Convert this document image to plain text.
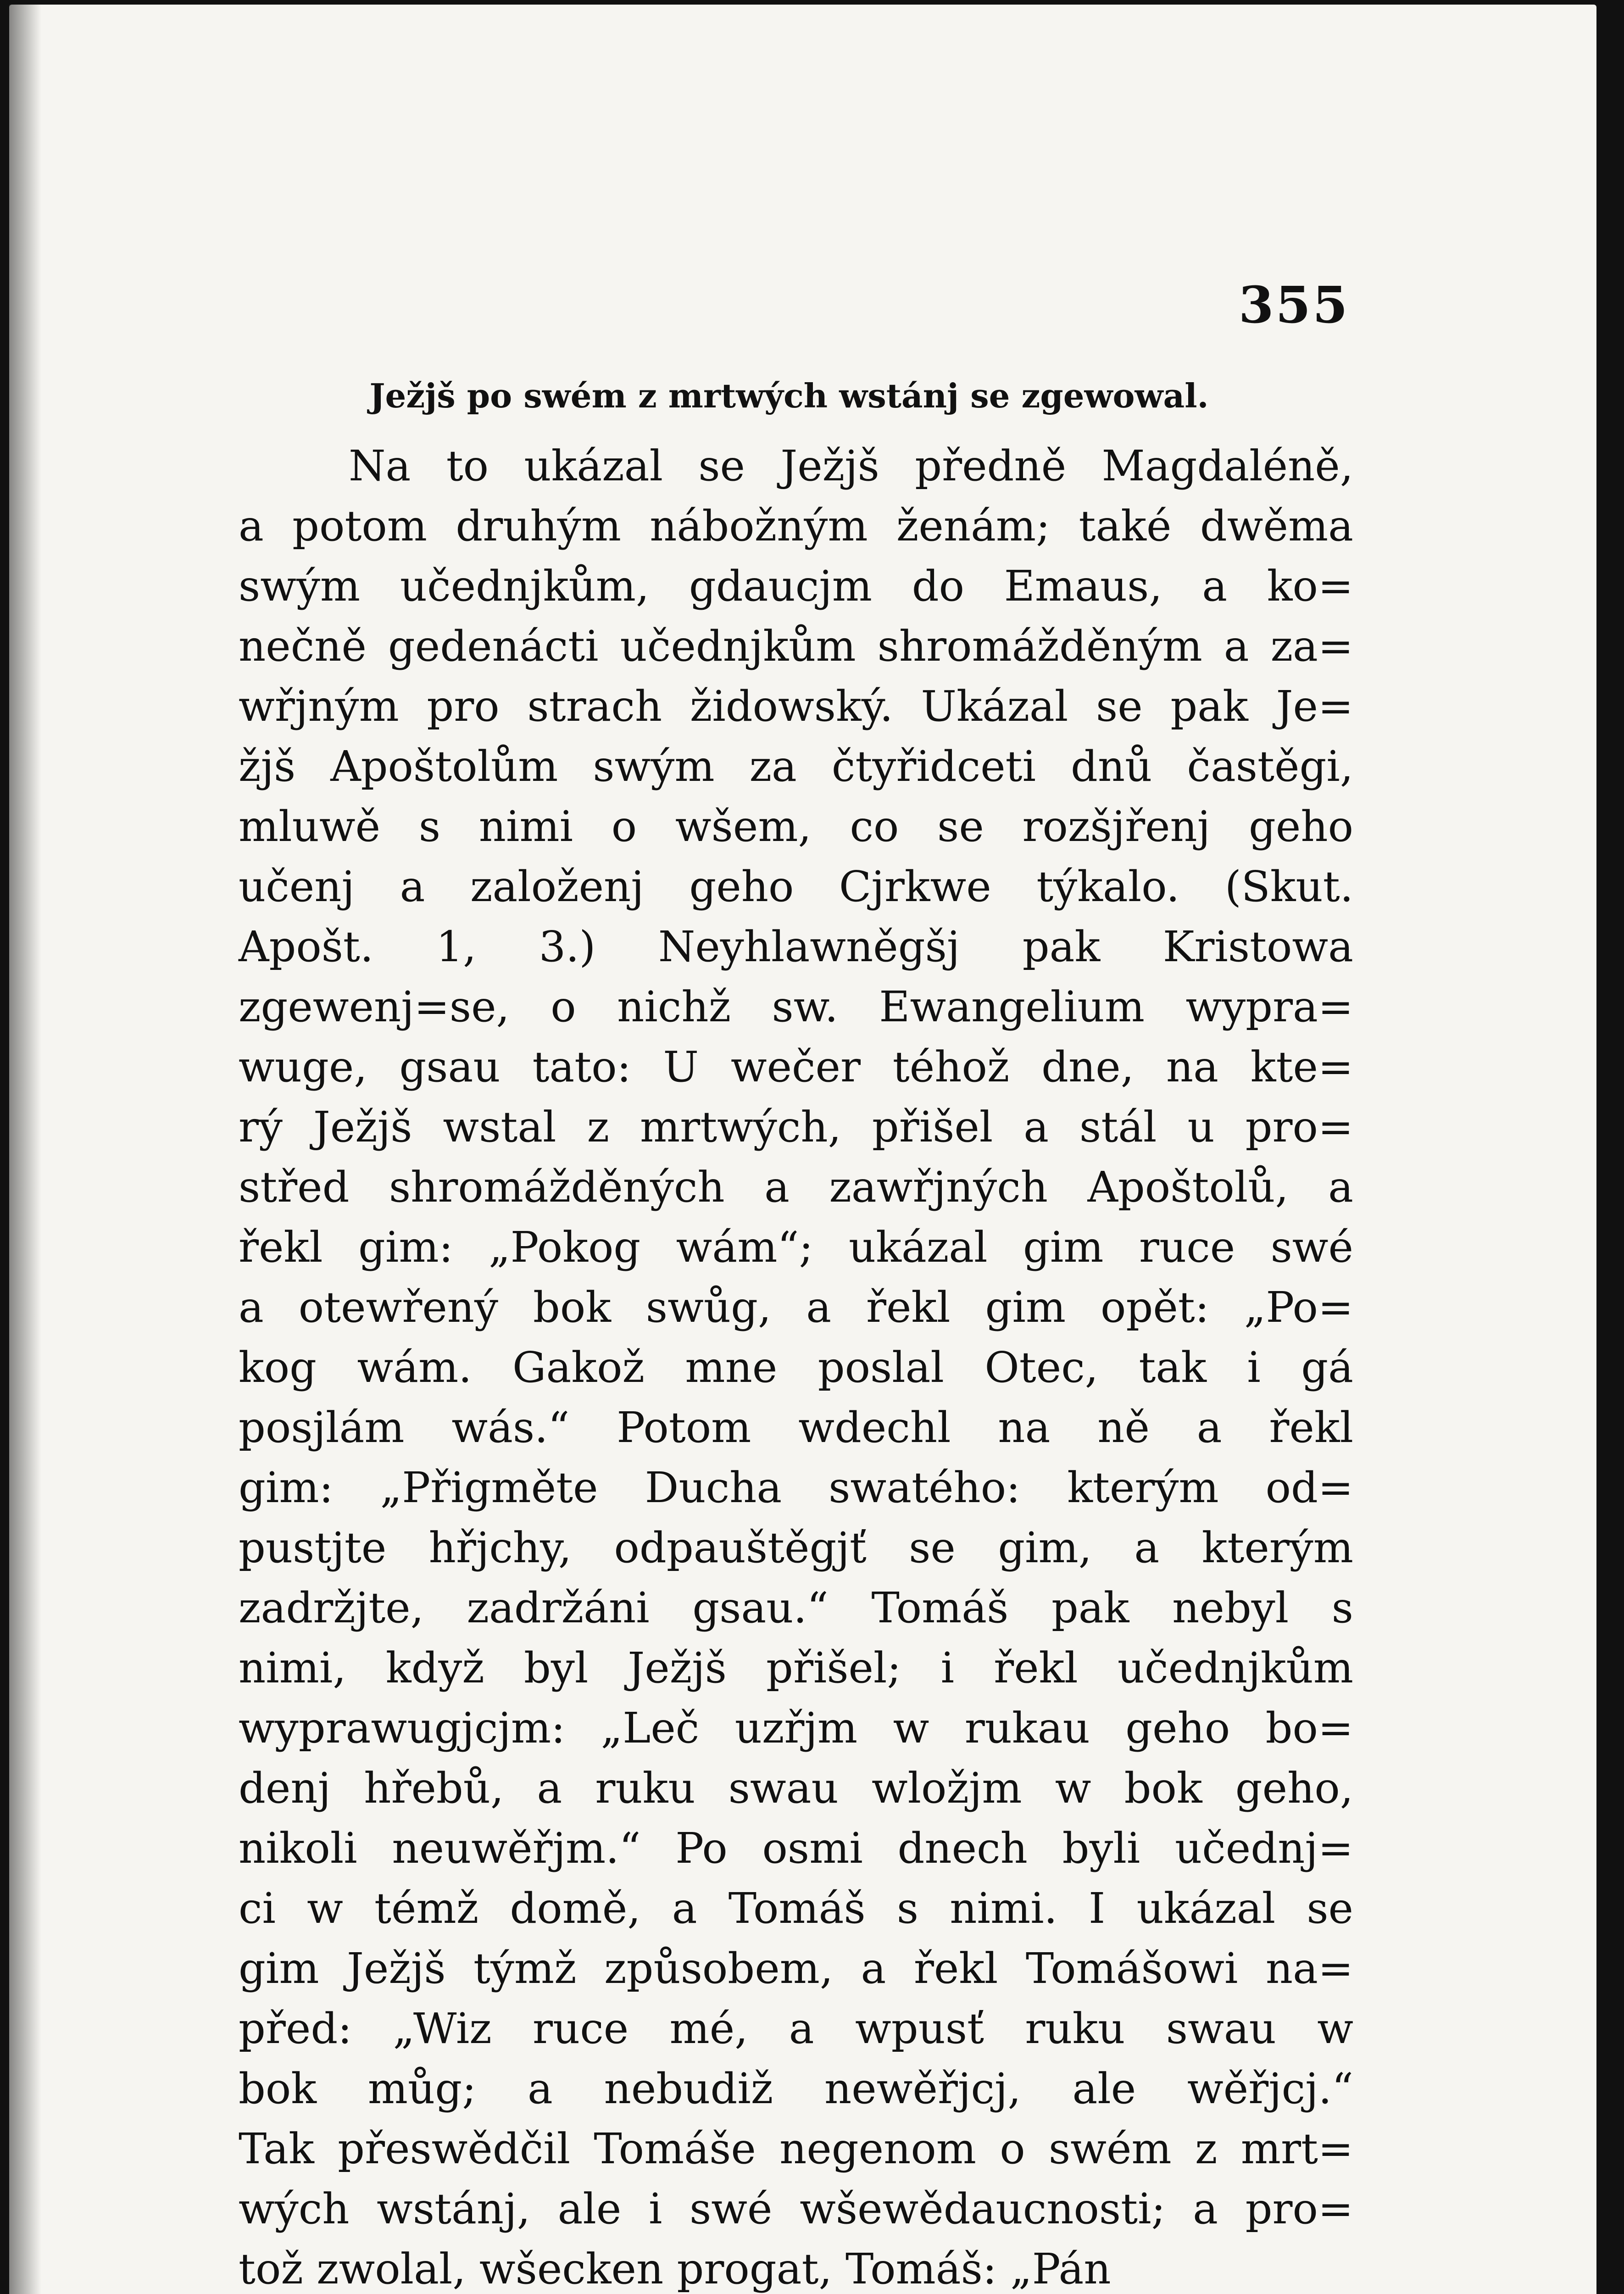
355
Ježjš po swém z mrtwých wstánj se zgewowal.
Na to ukázal se Ježjš předně Magdaléně,
a potom druhým nábožným ženám; také dwěma
swým učednjkům, gdaucjm do Emaus, a ko=
nečně gedenácti učednjkům shromážděným a za=
wřjným pro strach židowský. Ukázal se pak Je=
žjš Apoštolům swým za čtyřidceti dnů častěgi,
mluwě s nimi o wšem, co se rozšjřenj geho
učenj a založenj geho Cjrkwe týkalo. (Skut.
Apošt. 1, 3.) Neyhlawněgšj pak Kristowa
zgewenj=se, o nichž sw. Ewangelium wypra=
wuge, gsau tato: U wečer téhož dne, na kte=
rý Ježjš wstal z mrtwých, přišel a stál u pro=
střed shromážděných a zawřjných Apoštolů, a
řekl gim: „Pokog wám“; ukázal gim ruce swé
a otewřený bok swůg, a řekl gim opět: „Po=
kog wám. Gakož mne poslal Otec, tak i gá
posjlám wás.“ Potom wdechl na ně a řekl
gim: „Přigměte Ducha swatého: kterým od=
pustjte hřjchy, odpauštěgjť se gim, a kterým
zadržjte, zadržáni gsau.“ Tomáš pak nebyl s
nimi, když byl Ježjš přišel; i řekl učednjkům
wyprawugjcjm: „Leč uzřjm w rukau geho bo=
denj hřebů, a ruku swau wložjm w bok geho,
nikoli neuwěřjm.“ Po osmi dnech byli učednj=
ci w témž domě, a Tomáš s nimi. I ukázal se
gim Ježjš týmž způsobem, a řekl Tomášowi na=
před: „Wiz ruce mé, a wpusť ruku swau w
bok můg; a nebudiž newěřjcj, ale wěřjcj.“
Tak přeswědčil Tomáše negenom o swém z mrt=
wých wstánj, ale i swé wšewědaucnosti; a pro=
tož zwolal, wšecken progat, Tomáš: „Pán
